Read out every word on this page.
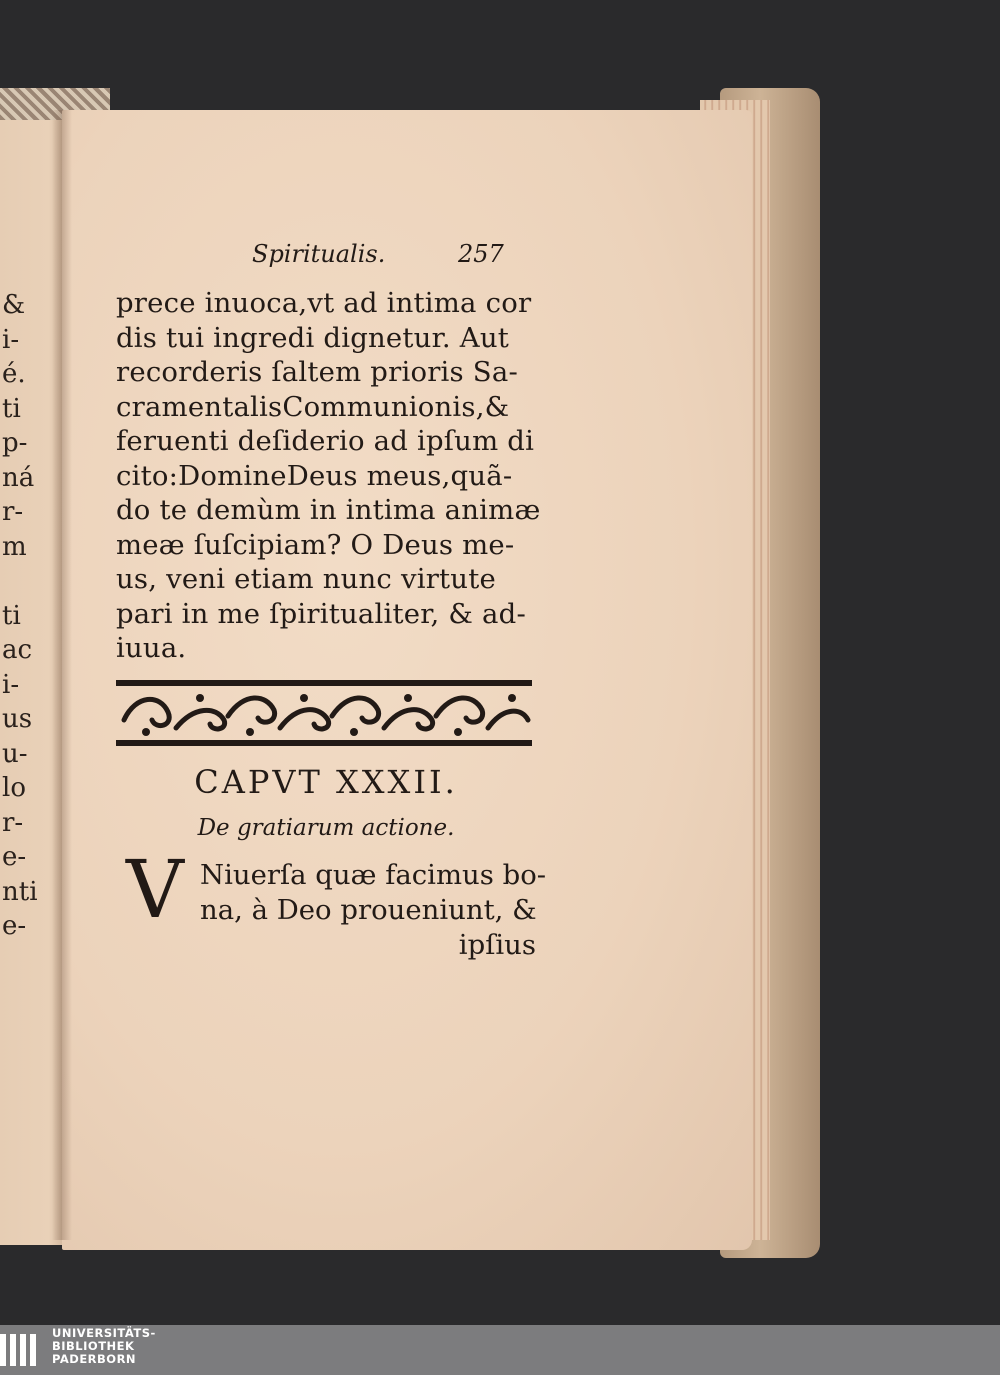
&
i-
é.
ti
p-
ná
r-
m
ti
ac
i-
us
u-
lo
r-
e-
nti
e-
Spiritualis.	257
prece inuoca,vt ad intima cor
dis tui ingredi dignetur. Aut
recorderis ſaltem prioris Sa-
cramentalisCommunionis,&
feruenti deſiderio ad ipſum di
cito:DomineDeus meus,quã-
do te demùm in intima animæ
meæ ſuſcipiam? O Deus me-
us, veni etiam nunc virtute
pari in me ſpiritualiter, & ad-
iuua.
CAPVT XXXII.
De gratiarum actione.
V Niuerſa quæ facimus bo-
na, à Deo proueniunt, &
ipſius
UNIVERSITÄTS-
BIBLIOTHEK
PADERBORN
